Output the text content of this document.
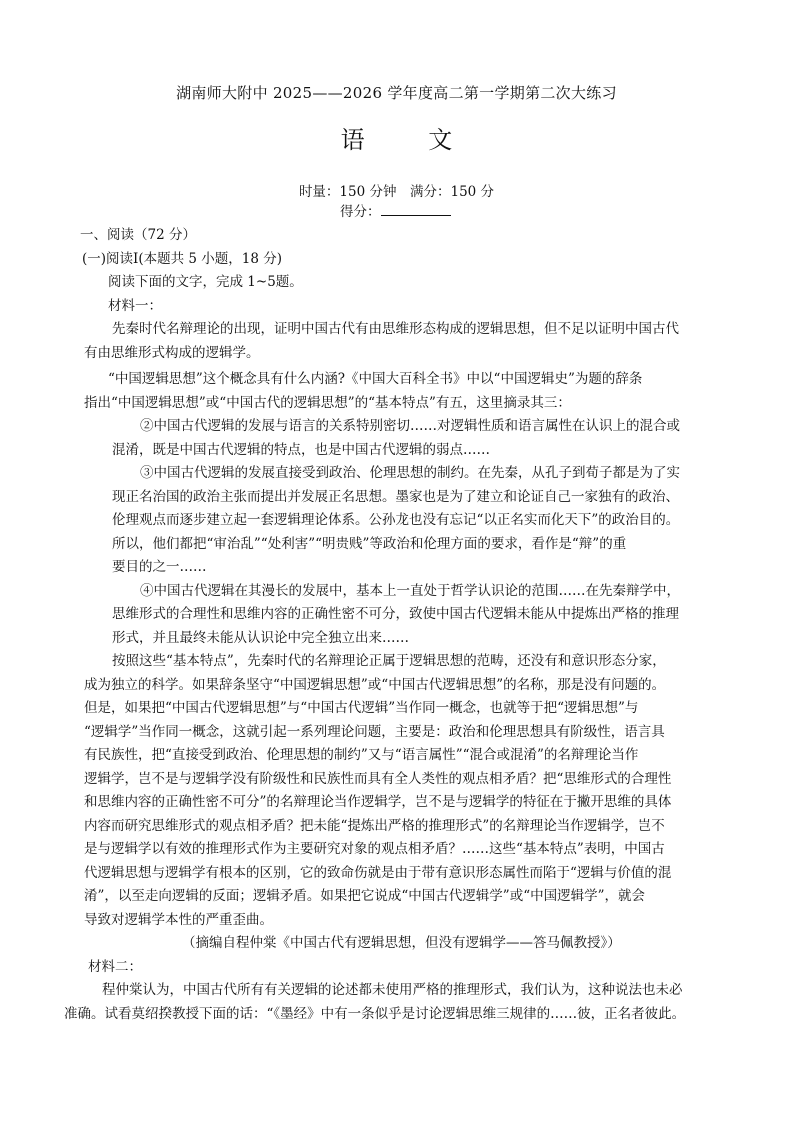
湖南师大附中 2025——2026 学年度高二第一学期第二次大练习
语 文
时量：150 分钟　满分：150 分
得分：
一、阅读（72 分）
(一)阅读Ⅰ(本题共 5 小题，18 分)
阅读下面的文字，完成 1~5题。
材料一：
先秦时代名辩理论的出现，证明中国古代有由思维形态构成的逻辑思想，但不足以证明中国古代
有由思维形式构成的逻辑学。
“中国逻辑思想”这个概念具有什么内涵?《中国大百科全书》中以“中国逻辑史”为题的辞条
指出“中国逻辑思想”或“中国古代的逻辑思想”的“基本特点”有五，这里摘录其三：
②中国古代逻辑的发展与语言的关系特别密切……对逻辑性质和语言属性在认识上的混合或
混淆，既是中国古代逻辑的特点，也是中国古代逻辑的弱点……
③中国古代逻辑的发展直接受到政治、伦理思想的制约。在先秦，从孔子到荀子都是为了实
现正名治国的政治主张而提出并发展正名思想。墨家也是为了建立和论证自己一家独有的政治、
伦理观点而逐步建立起一套逻辑理论体系。公孙龙也没有忘记“以正名实而化天下”的政治目的。
所以，他们都把“审治乱”“处利害”“明贵贱”等政治和伦理方面的要求，看作是“辩”的重
要目的之一……
④中国古代逻辑在其漫长的发展中，基本上一直处于哲学认识论的范围……在先秦辩学中，
思维形式的合理性和思维内容的正确性密不可分，致使中国古代逻辑未能从中提炼出严格的推理
形式，并且最终未能从认识论中完全独立出来……
按照这些“基本特点”，先秦时代的名辩理论正属于逻辑思想的范畴，还没有和意识形态分家，
成为独立的科学。如果辞条坚守“中国逻辑思想”或“中国古代逻辑思想”的名称，那是没有问题的。
但是，如果把“中国古代逻辑思想”与“中国古代逻辑”当作同一概念，也就等于把“逻辑思想”与
“逻辑学”当作同一概念，这就引起一系列理论问题，主要是：政治和伦理思想具有阶级性，语言具
有民族性，把“直接受到政治、伦理思想的制约”又与“语言属性”“混合或混淆”的名辩理论当作
逻辑学，岂不是与逻辑学没有阶级性和民族性而具有全人类性的观点相矛盾？把“思维形式的合理性
和思维内容的正确性密不可分”的名辩理论当作逻辑学，岂不是与逻辑学的特征在于撇开思维的具体
内容而研究思维形式的观点相矛盾？把未能“提炼出严格的推理形式”的名辩理论当作逻辑学，岂不
是与逻辑学以有效的推理形式作为主要研究对象的观点相矛盾？……这些“基本特点”表明，中国古
代逻辑思想与逻辑学有根本的区别，它的致命伤就是由于带有意识形态属性而陷于“逻辑与价值的混
淆”，以至走向逻辑的反面；逻辑矛盾。如果把它说成“中国古代逻辑学”或“中国逻辑学”，就会
导致对逻辑学本性的严重歪曲。
（摘编自程仲棠《中国古代有逻辑思想，但没有逻辑学——答马佩教授》）
材料二：
程仲棠认为，中国古代所有有关逻辑的论述都未使用严格的推理形式，我们认为，这种说法也未必
准确。试看莫绍揆教授下面的话：“《墨经》中有一条似乎是讨论逻辑思维三规律的……彼，正名者彼此。
